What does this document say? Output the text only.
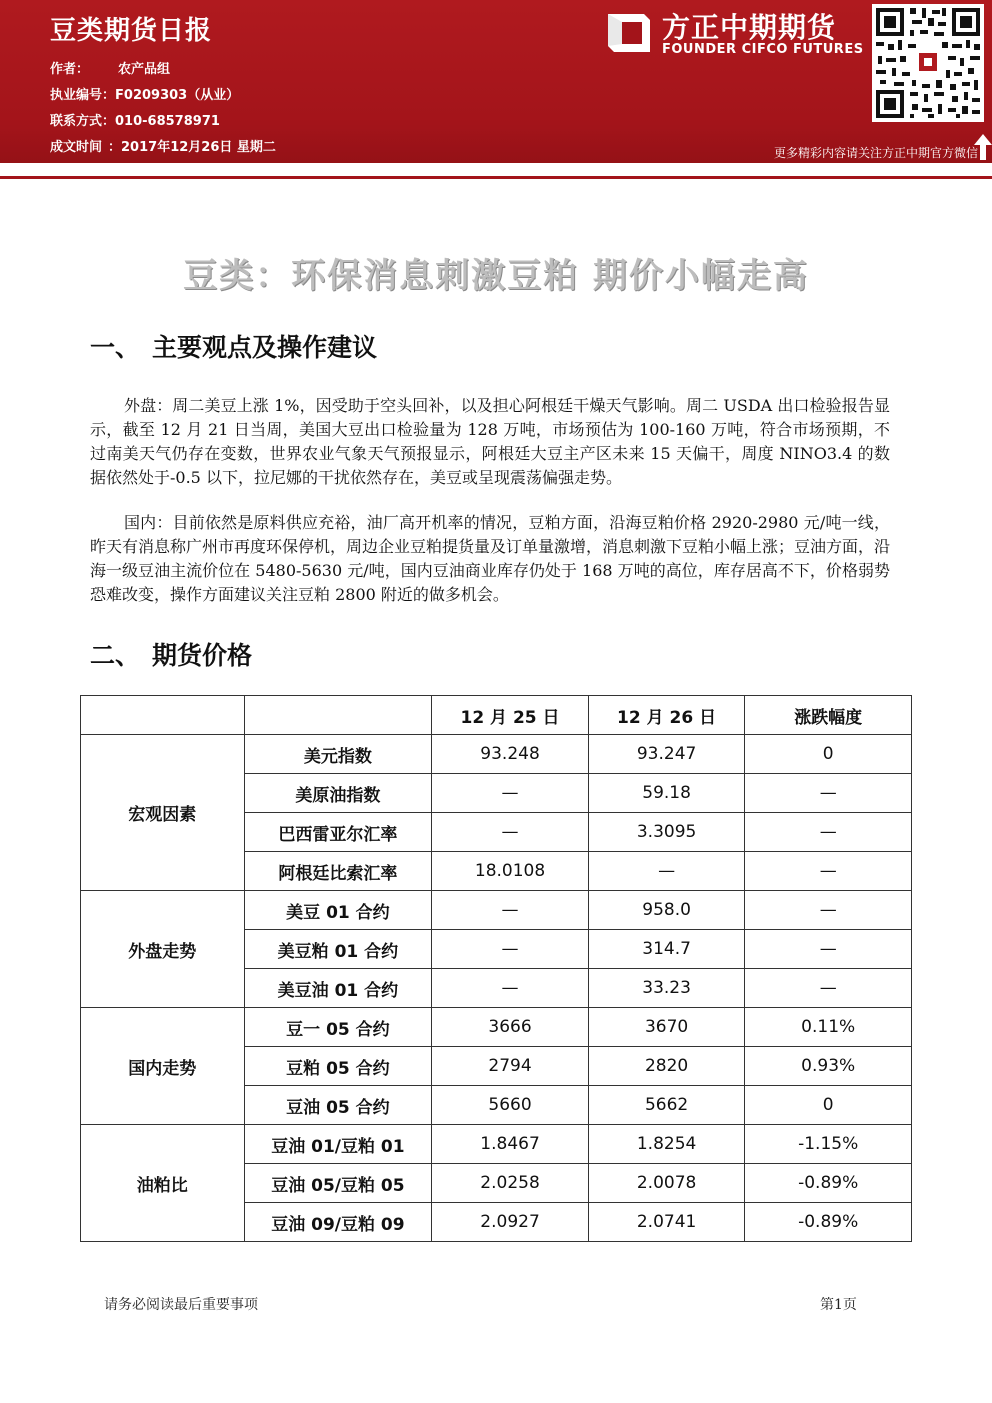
豆类期货日报
作者： 农产品组
执业编号：F0209303（从业）
联系方式：010-68578971
成文时间 ：2017年12月26日 星期二
方正中期期货
FOUNDER CIFCO FUTURES
更多精彩内容请关注方正中期官方微信
豆类：环保消息刺激豆粕 期价小幅走高
一、 主要观点及操作建议
外盘：周二美豆上涨 1%，因受助于空头回补，以及担心阿根廷干燥天气影响。周二 USDA 出口检验报告显示，截至 12 月 21 日当周，美国大豆出口检验量为 128 万吨，市场预估为 100-160 万吨，符合市场预期，不过南美天气仍存在变数，世界农业气象天气预报显示，阿根廷大豆主产区未来 15 天偏干，周度 NINO3.4 的数据依然处于-0.5 以下，拉尼娜的干扰依然存在，美豆或呈现震荡偏强走势。
国内：目前依然是原料供应充裕，油厂高开机率的情况，豆粕方面，沿海豆粕价格 2920-2980 元/吨一线，昨天有消息称广州市再度环保停机，周边企业豆粕提货量及订单量激增，消息刺激下豆粕小幅上涨；豆油方面，沿海一级豆油主流价位在 5480-5630 元/吨，国内豆油商业库存仍处于 168 万吨的高位，库存居高不下，价格弱势恐难改变，操作方面建议关注豆粕 2800 附近的做多机会。
二、 期货价格
		12 月 25 日	12 月 26 日	涨跌幅度
宏观因素	美元指数	93.248	93.247	0
	美原油指数	—	59.18	—
	巴西雷亚尔汇率	—	3.3095	—
	阿根廷比索汇率	18.0108	—	—
外盘走势	美豆 01 合约	—	958.0	—
	美豆粕 01 合约	—	314.7	—
	美豆油 01 合约	—	33.23	—
国内走势	豆一 05 合约	3666	3670	0.11%
	豆粕 05 合约	2794	2820	0.93%
	豆油 05 合约	5660	5662	0
油粕比	豆油 01/豆粕 01	1.8467	1.8254	-1.15%
	豆油 05/豆粕 05	2.0258	2.0078	-0.89%
	豆油 09/豆粕 09	2.0927	2.0741	-0.89%
请务必阅读最后重要事项	第1页
